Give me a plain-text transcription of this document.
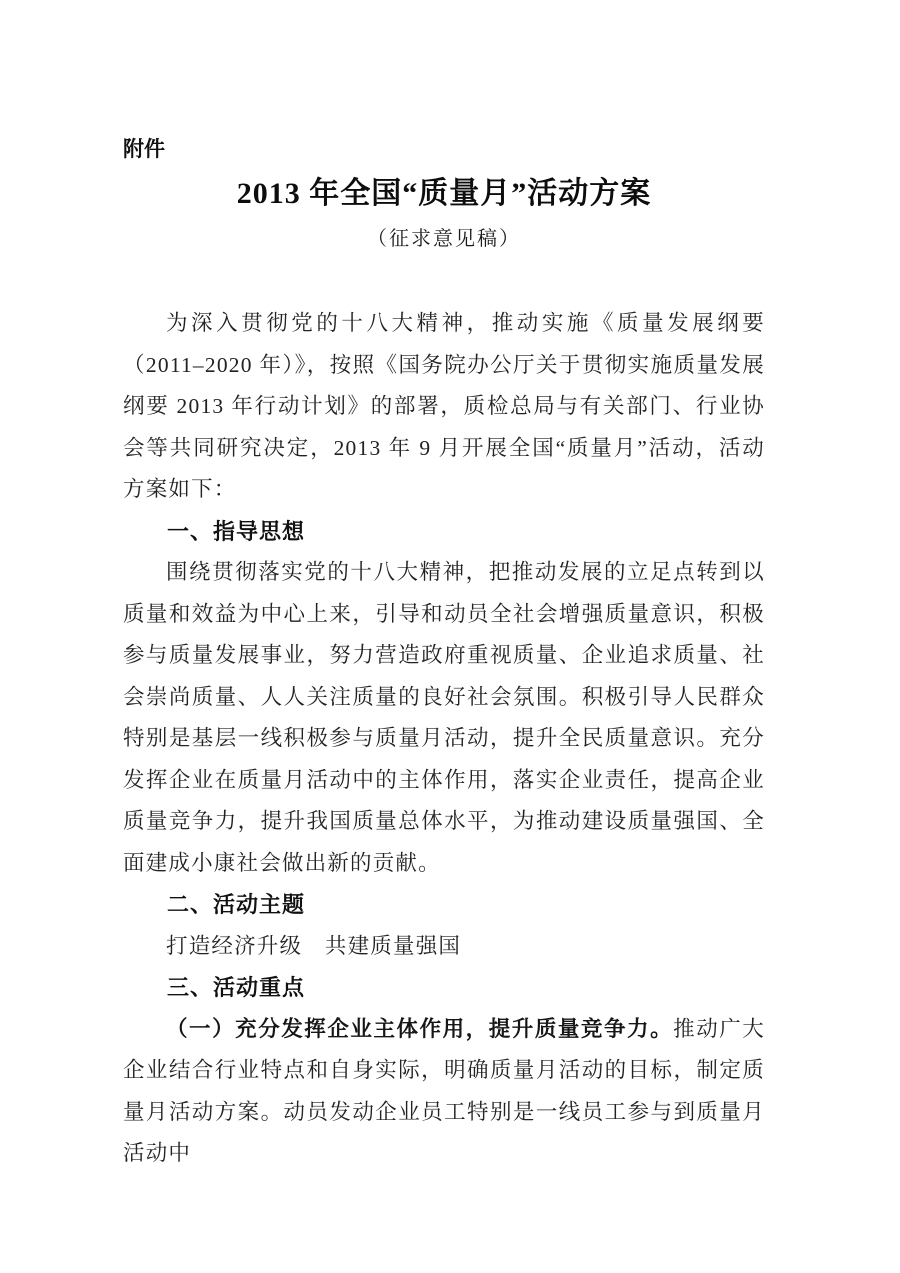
附件
2013 年全国“质量月”活动方案
（征求意见稿）

为深入贯彻党的十八大精神，推动实施《质量发展纲要（2011–2020 年）》，按照《国务院办公厅关于贯彻实施质量发展纲要 2013 年行动计划》的部署，质检总局与有关部门、行业协会等共同研究决定，2013 年 9 月开展全国“质量月”活动，活动方案如下：

一、指导思想

围绕贯彻落实党的十八大精神，把推动发展的立足点转到以质量和效益为中心上来，引导和动员全社会增强质量意识，积极参与质量发展事业，努力营造政府重视质量、企业追求质量、社会崇尚质量、人人关注质量的良好社会氛围。积极引导人民群众特别是基层一线积极参与质量月活动，提升全民质量意识。充分发挥企业在质量月活动中的主体作用，落实企业责任，提高企业质量竞争力，提升我国质量总体水平，为推动建设质量强国、全面建成小康社会做出新的贡献。

二、活动主题

打造经济升级　共建质量强国

三、活动重点

（一）充分发挥企业主体作用，提升质量竞争力。推动广大企业结合行业特点和自身实际，明确质量月活动的目标，制定质量月活动方案。动员发动企业员工特别是一线员工参与到质量月活动中
